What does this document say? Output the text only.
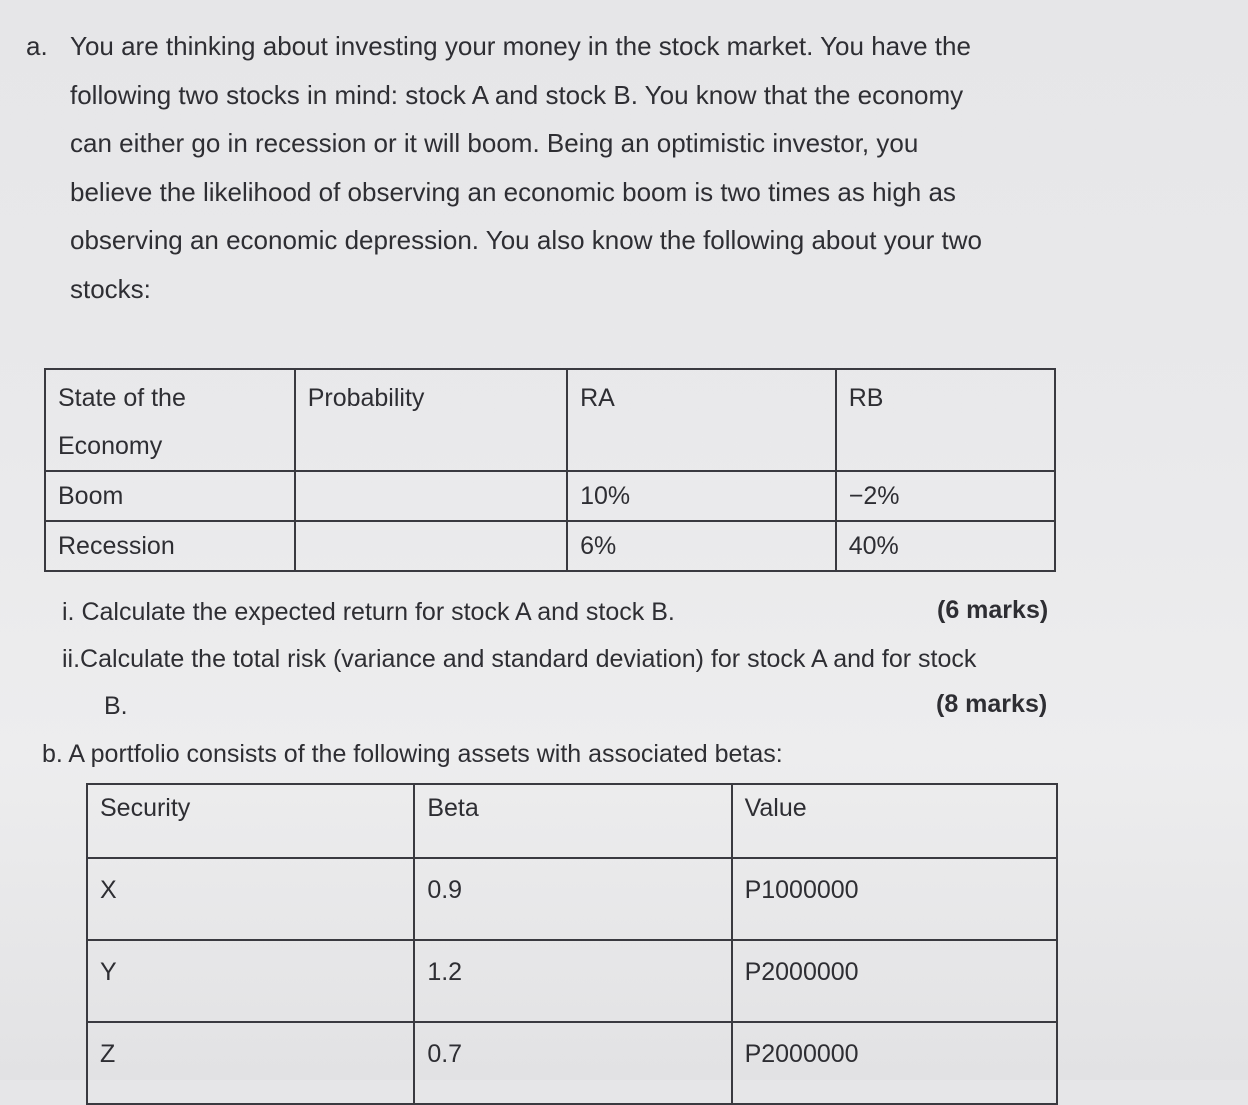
a. You are thinking about investing your money in the stock market. You have the
following two stocks in mind: stock A and stock B. You know that the economy
can either go in recession or it will boom. Being an optimistic investor, you
believe the likelihood of observing an economic boom is two times as high as
observing an economic depression. You also know the following about your two
stocks:
State of the Economy	Probability	RA	RB
Boom		10%	−2%
Recession		6%	40%
i. Calculate the expected return for stock A and stock B.	(6 marks)
ii.Calculate the total risk (variance and standard deviation) for stock A and for stock
B.	(8 marks)
b. A portfolio consists of the following assets with associated betas:
Security	Beta	Value
X	0.9	P1000000
Y	1.2	P2000000
Z	0.7	P2000000
